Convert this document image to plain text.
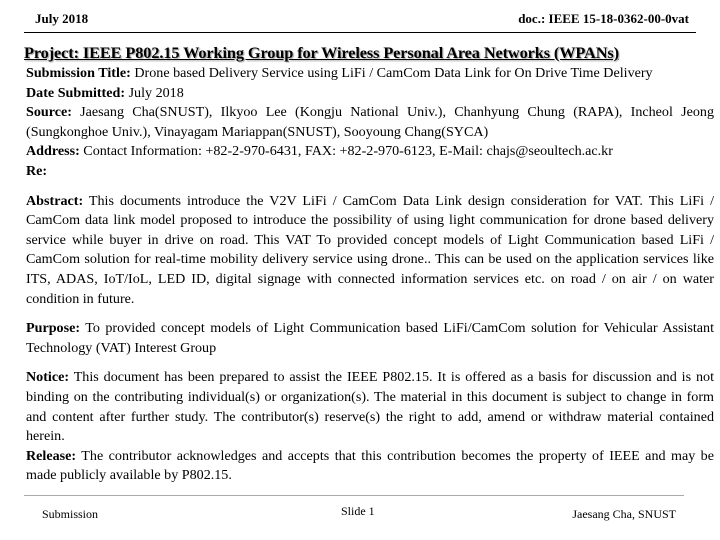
July 2018	doc.: IEEE 15-18-0362-00-0vat
Project: IEEE P802.15 Working Group for Wireless Personal Area Networks (WPANs)

Submission Title: Drone based Delivery Service using LiFi / CamCom Data Link for On Drive Time Delivery

Date Submitted: July 2018

Source: Jaesang Cha(SNUST), Ilkyoo Lee (Kongju National Univ.), Chanhyung Chung (RAPA), Incheol Jeong (Sungkonghoe Univ.), Vinayagam Mariappan(SNUST), Sooyoung Chang(SYCA)

Address: Contact Information: +82-2-970-6431, FAX: +82-2-970-6123, E-Mail: chajs@seoultech.ac.kr

Re:

Abstract: This documents introduce the V2V LiFi / CamCom Data Link design consideration for VAT. This LiFi / CamCom data link model proposed to introduce the possibility of using light communication for drone based delivery service while buyer in drive on road. This VAT To provided concept models of Light Communication based LiFi / CamCom solution for real-time mobility delivery service using drone.. This can be used on the application services like ITS, ADAS, IoT/IoL, LED ID, digital signage with connected information services etc. on road / on air / on water condition in future.

Purpose: To provided concept models of Light Communication based LiFi/CamCom solution for Vehicular Assistant Technology (VAT) Interest Group

Notice: This document has been prepared to assist the IEEE P802.15. It is offered as a basis for discussion and is not binding on the contributing individual(s) or organization(s). The material in this document is subject to change in form and content after further study. The contributor(s) reserve(s) the right to add, amend or withdraw material contained herein.

Release: The contributor acknowledges and accepts that this contribution becomes the property of IEEE and may be made publicly available by P802.15.

Submission	Slide 1	Jaesang Cha, SNUST
